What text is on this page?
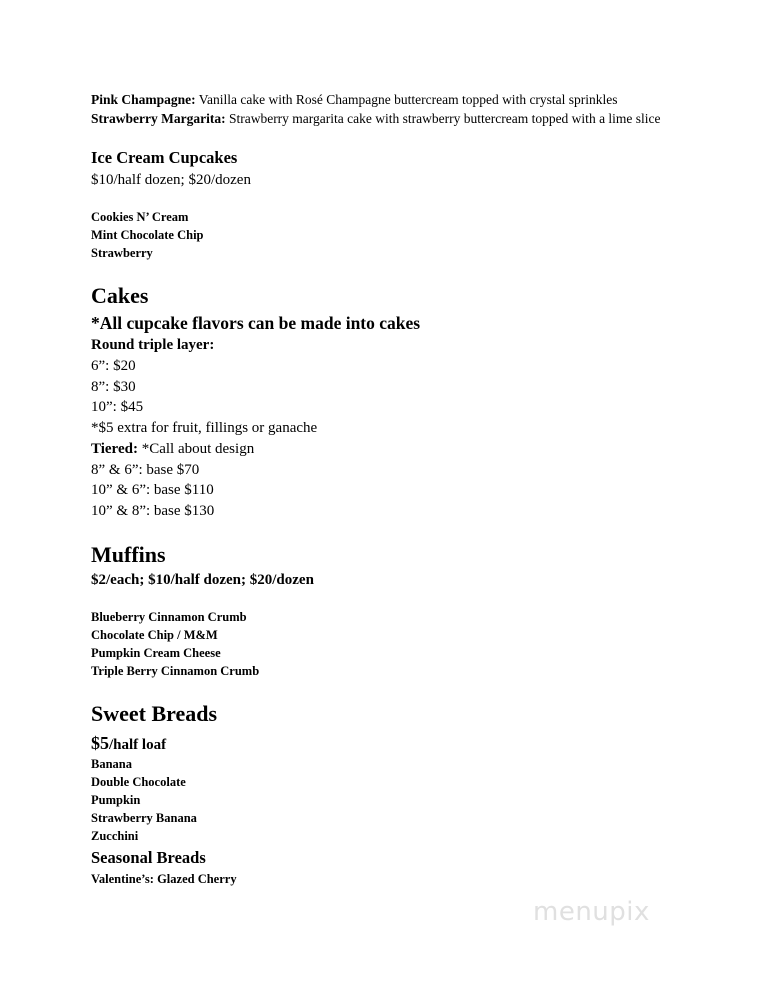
Pink Champagne: Vanilla cake with Rosé Champagne buttercream topped with crystal sprinkles
Strawberry Margarita: Strawberry margarita cake with strawberry buttercream topped with a lime slice
Ice Cream Cupcakes
$10/half dozen; $20/dozen
Cookies N’ Cream
Mint Chocolate Chip
Strawberry
Cakes
*All cupcake flavors can be made into cakes
Round triple layer:
6”: $20
8”: $30
10”: $45
*$5 extra for fruit, fillings or ganache
Tiered: *Call about design
8” & 6”: base $70
10” & 6”: base $110
10” & 8”: base $130
Muffins
$2/each; $10/half dozen; $20/dozen
Blueberry Cinnamon Crumb
Chocolate Chip / M&M
Pumpkin Cream Cheese
Triple Berry Cinnamon Crumb
Sweet Breads
$5/half loaf
Banana
Double Chocolate
Pumpkin
Strawberry Banana
Zucchini
Seasonal Breads
Valentine’s: Glazed Cherry
menupix
